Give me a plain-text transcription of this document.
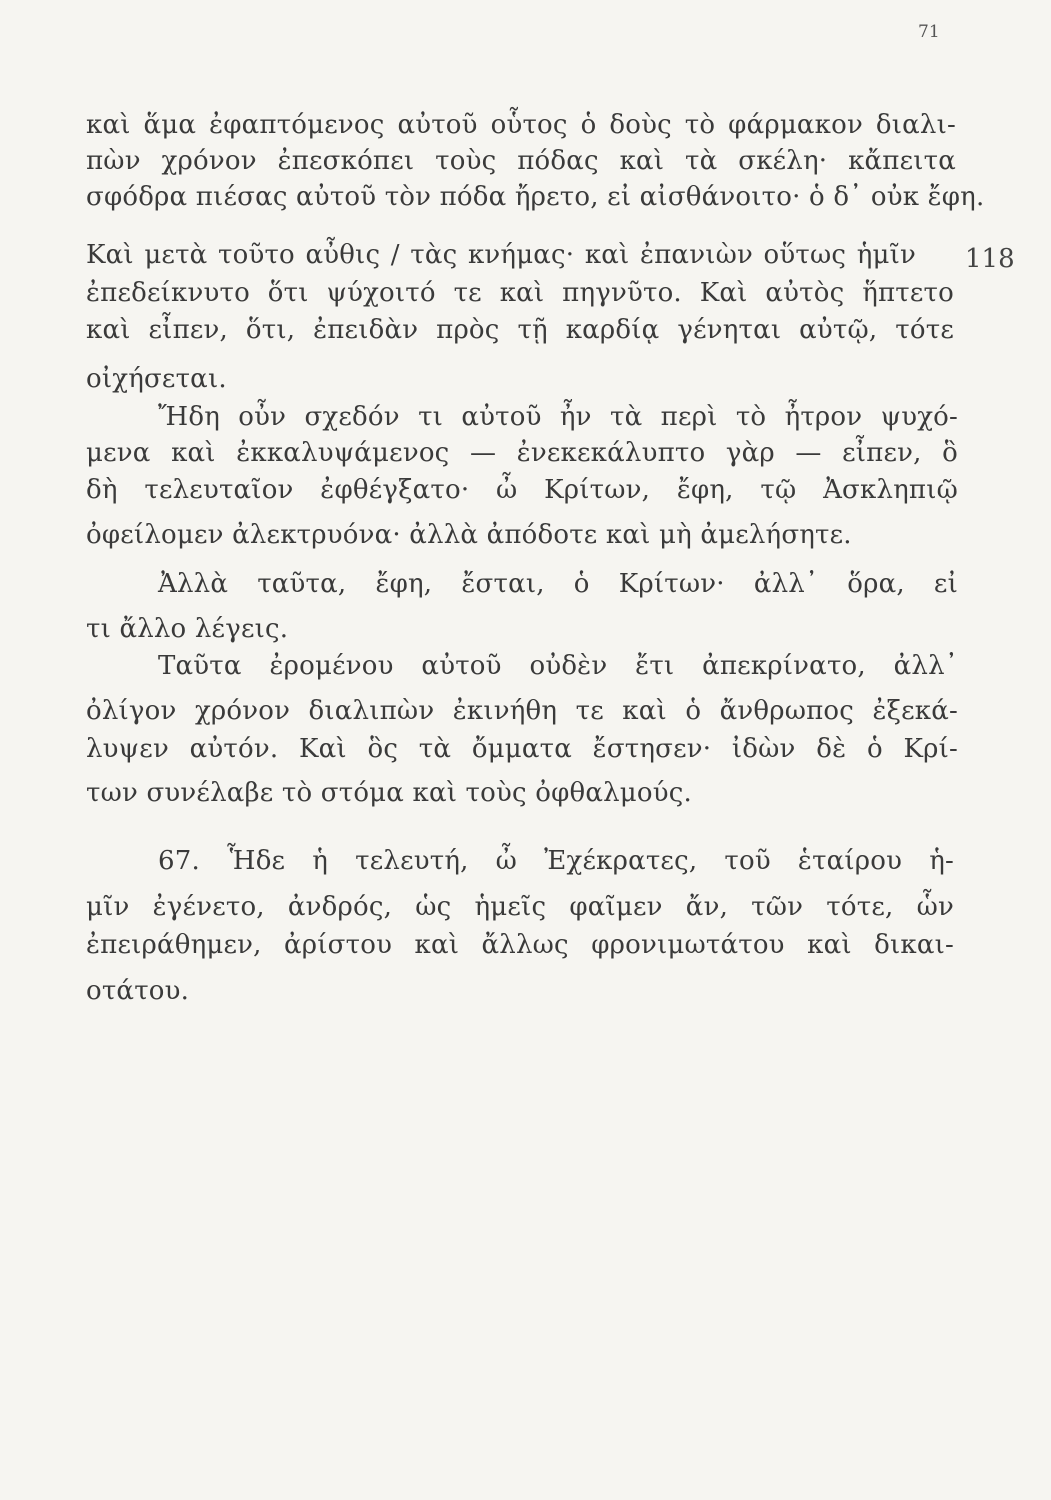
71
118
καὶ ἅμα ἐφαπτόμενος αὐτοῦ οὗτος ὁ δοὺς τὸ φάρμακον διαλι-
πὼν χρόνον ἐπεσκόπει τοὺς πόδας καὶ τὰ σκέλη· κἄπειτα
σφόδρα πιέσας αὐτοῦ τὸν πόδα ἤρετο, εἰ αἰσθάνοιτο· ὁ δ᾽ οὐκ ἔφη.
Καὶ μετὰ τοῦτο αὖθις / τὰς κνήμας· καὶ ἐπανιὼν οὕτως ἡμῖν
ἐπεδείκνυτο ὅτι ψύχοιτό τε καὶ πηγνῦτο. Καὶ αὐτὸς ἥπτετο
καὶ εἶπεν, ὅτι, ἐπειδὰν πρὸς τῇ καρδίᾳ γένηται αὐτῷ, τότε
οἰχήσεται.
Ἤδη οὖν σχεδόν τι αὐτοῦ ἦν τὰ περὶ τὸ ἦτρον ψυχό-
μενα καὶ ἐκκαλυψάμενος — ἐνεκεκάλυπτο γὰρ — εἶπεν, ὃ
δὴ τελευταῖον ἐφθέγξατο· ὦ Κρίτων, ἔφη, τῷ Ἀσκληπιῷ
ὀφείλομεν ἀλεκτρυόνα· ἀλλὰ ἀπόδοτε καὶ μὴ ἀμελήσητε.
Ἀλλὰ ταῦτα, ἔφη, ἔσται, ὁ Κρίτων· ἀλλ᾽ ὅρα, εἰ
τι ἄλλο λέγεις.
Ταῦτα ἐρομένου αὐτοῦ οὐδὲν ἔτι ἀπεκρίνατο, ἀλλ᾽
ὀλίγον χρόνον διαλιπὼν ἐκινήθη τε καὶ ὁ ἄνθρωπος ἐξεκά-
λυψεν αὐτόν. Καὶ ὃς τὰ ὄμματα ἔστησεν· ἰδὼν δὲ ὁ Κρί-
των συνέλαβε τὸ στόμα καὶ τοὺς ὀφθαλμούς.
67. Ἧδε ἡ τελευτή, ὦ Ἐχέκρατες, τοῦ ἑταίρου ἡ-
μῖν ἐγένετο, ἀνδρός, ὡς ἡμεῖς φαῖμεν ἄν, τῶν τότε, ὧν
ἐπειράθημεν, ἀρίστου καὶ ἄλλως φρονιμωτάτου καὶ δικαι-
οτάτου.
